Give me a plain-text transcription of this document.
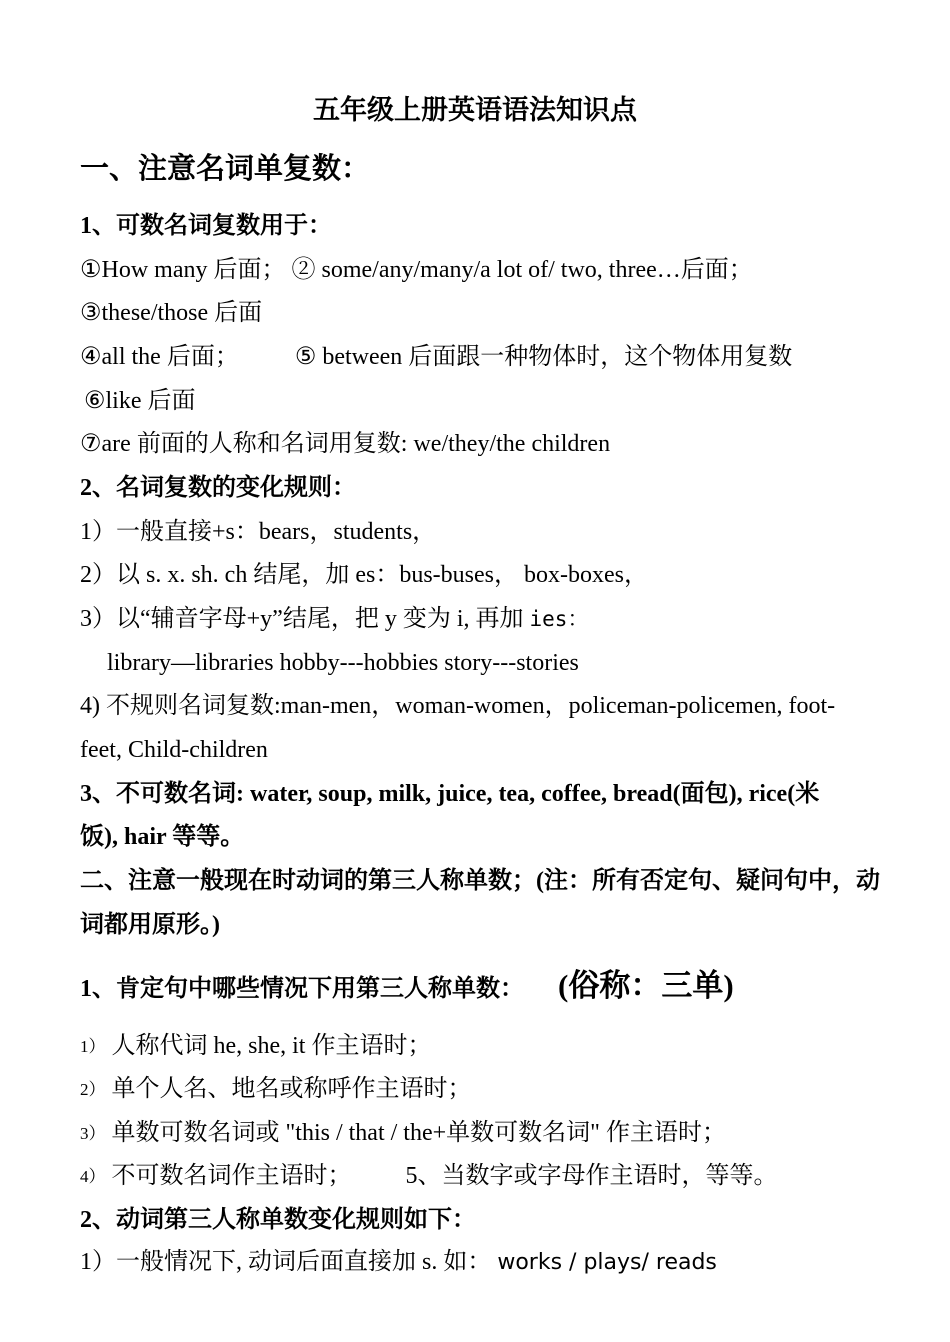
五年级上册英语语法知识点
一、注意名词单复数：
1、可数名词复数用于：
①How many 后面； ② some/any/many/a lot of/ two, three…后面；
③these/those 后面
④all the 后面； ⑤ between 后面跟一种物体时，这个物体用复数
⑥like 后面
⑦are 前面的人称和名词用复数: we/they/the children
2、名词复数的变化规则：
1）一般直接+s：bears，students，
2）以 s. x. sh. ch 结尾，加 es：bus-buses， box-boxes，
3）以“辅音字母+y”结尾，把 y 变为 i, 再加 ies：
library—libraries hobby---hobbies story---stories
4) 不规则名词复数:man-men，woman-women，policeman-policemen, foot-
feet, Child-children
3、不可数名词: water, soup, milk, juice, tea, coffee, bread(面包), rice(米
饭), hair 等等。
二、注意一般现在时动词的第三人称单数；(注：所有否定句、疑问句中，动
词都用原形。)
1、肯定句中哪些情况下用第三人称单数： (俗称：三单)
1） 人称代词 he, she, it 作主语时；
2） 单个人名、地名或称呼作主语时；
3） 单数可数名词或 "this / that / the+单数可数名词" 作主语时；
4） 不可数名词作主语时； 5、当数字或字母作主语时，等等。
2、动词第三人称单数变化规则如下：
1）一般情况下, 动词后面直接加 s. 如： works / plays/ reads
